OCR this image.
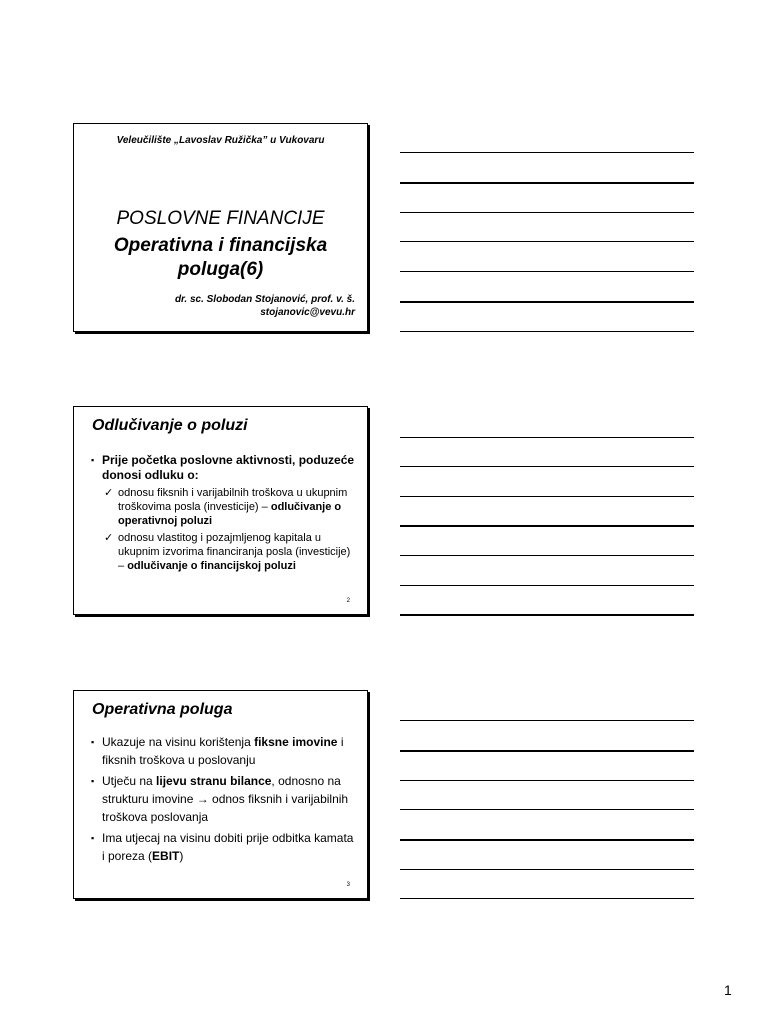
Veleučilište „Lavoslav Ružička” u Vukovaru
POSLOVNE FINANCIJE
Operativna i financijska
poluga(6)
dr. sc. Slobodan Stojanović, prof. v. š.
stojanovic@vevu.hr
Odlučivanje o poluzi
▪ Prije početka poslovne aktivnosti, poduzeće donosi odluku o:
✓ odnosu fiksnih i varijabilnih troškova u ukupnim troškovima posla (investicije) – odlučivanje o operativnoj poluzi
✓ odnosu vlastitog i pozajmljenog kapitala u ukupnim izvorima financiranja posla (investicije) – odlučivanje o financijskoj poluzi
2
Operativna poluga
▪ Ukazuje na visinu korištenja fiksne imovine i fiksnih troškova u poslovanju
▪ Utječu na lijevu stranu bilance, odnosno na strukturu imovine → odnos fiksnih i varijabilnih troškova poslovanja
▪ Ima utjecaj na visinu dobiti prije odbitka kamata i poreza (EBIT)
3
1
